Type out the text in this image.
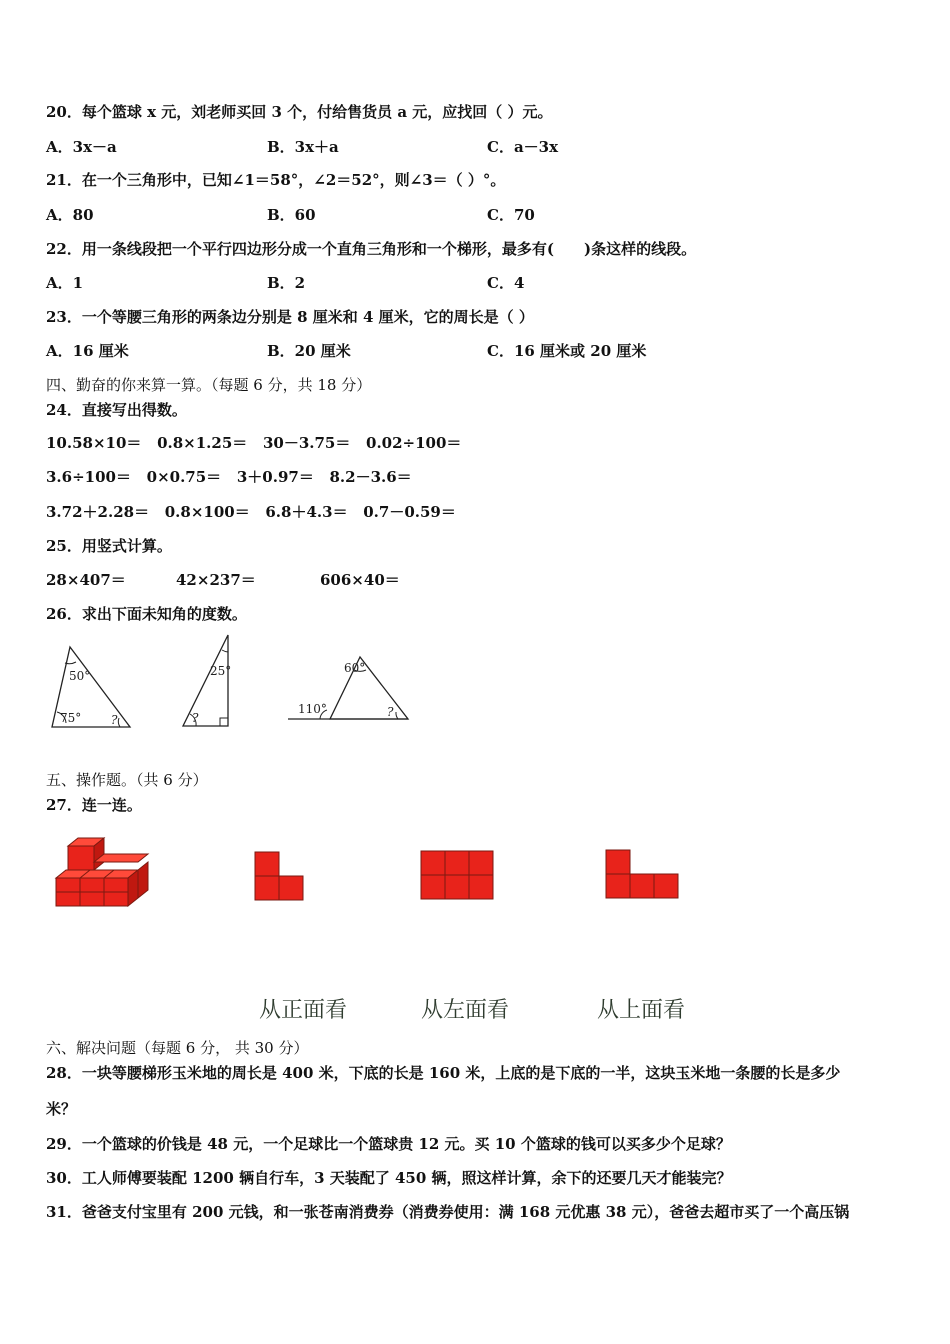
20．每个篮球 x 元，刘老师买回 3 个，付给售货员 a 元，应找回（ ）元。
A．3x－a	B．3x＋a	C．a－3x
21．在一个三角形中，已知∠1＝58°，∠2＝52°，则∠3＝（ ）°。
A．80	B．60	C．70
22．用一条线段把一个平行四边形分成一个直角三角形和一个梯形，最多有(　　)条这样的线段。
A．1	B．2	C．4
23．一个等腰三角形的两条边分别是 8 厘米和 4 厘米，它的周长是（ ）
A．16 厘米	B．20 厘米	C．16 厘米或 20 厘米
四、勤奋的你来算一算。（每题 6 分，共 18 分）
24．直接写出得数。
10.58×10＝   0.8×1.25＝   30－3.75＝   0.02÷100＝
3.6÷100＝   0×0.75＝   3＋0.97＝   8.2－3.6＝
3.72＋2.28＝   0.8×100＝   6.8＋4.3＝   0.7－0.59＝
25．用竖式计算。
28×407＝	42×237＝	606×40＝
26．求出下面未知角的度数。
50°
75° ?
25°
?
60°
110°	?
五、操作题。（共 6 分）
27．连一连。
从正面看	从左面看	从上面看
六、解决问题（每题 6 分， 共 30 分）
28．一块等腰梯形玉米地的周长是 400 米，下底的长是 160 米，上底的是下底的一半，这块玉米地一条腰的长是多少
米？
29．一个篮球的价钱是 48 元，一个足球比一个篮球贵 12 元。买 10 个篮球的钱可以买多少个足球？
30．工人师傅要装配 1200 辆自行车，3 天装配了 450 辆，照这样计算，余下的还要几天才能装完？
31．爸爸支付宝里有 200 元钱，和一张苍南消费券（消费券使用：满 168 元优惠 38 元），爸爸去超市买了一个高压锅
